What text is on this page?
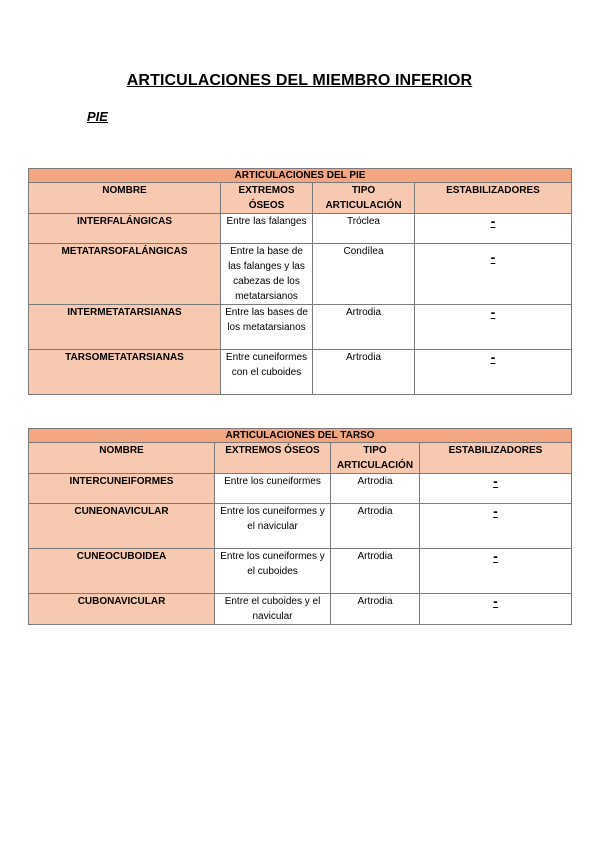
ARTICULACIONES DEL MIEMBRO INFERIOR
PIE
ARTICULACIONES DEL PIE			
NOMBRE	EXTREMOS ÓSEOS	TIPO ARTICULACIÓN	ESTABILIZADORES
INTERFALÁNGICAS	Entre las falanges	Tróclea	-
METATARSOFALÁNGICAS	Entre la base de las falanges y las cabezas de los metatarsianos	Condílea	-
INTERMETATARSIANAS	Entre las bases de los metatarsianos	Artrodia	-
TARSOMETATARSIANAS	Entre cuneiformes con el cuboides	Artrodia	-
ARTICULACIONES DEL TARSO			
NOMBRE	EXTREMOS ÓSEOS	TIPO ARTICULACIÓN	ESTABILIZADORES
INTERCUNEIFORMES	Entre los cuneiformes	Artrodia	-
CUNEONAVICULAR	Entre los cuneiformes y el navicular	Artrodia	-
CUNEOCUBOIDEA	Entre los cuneiformes y el cuboides	Artrodia	-
CUBONAVICULAR	Entre el cuboides y el navicular	Artrodia	-
